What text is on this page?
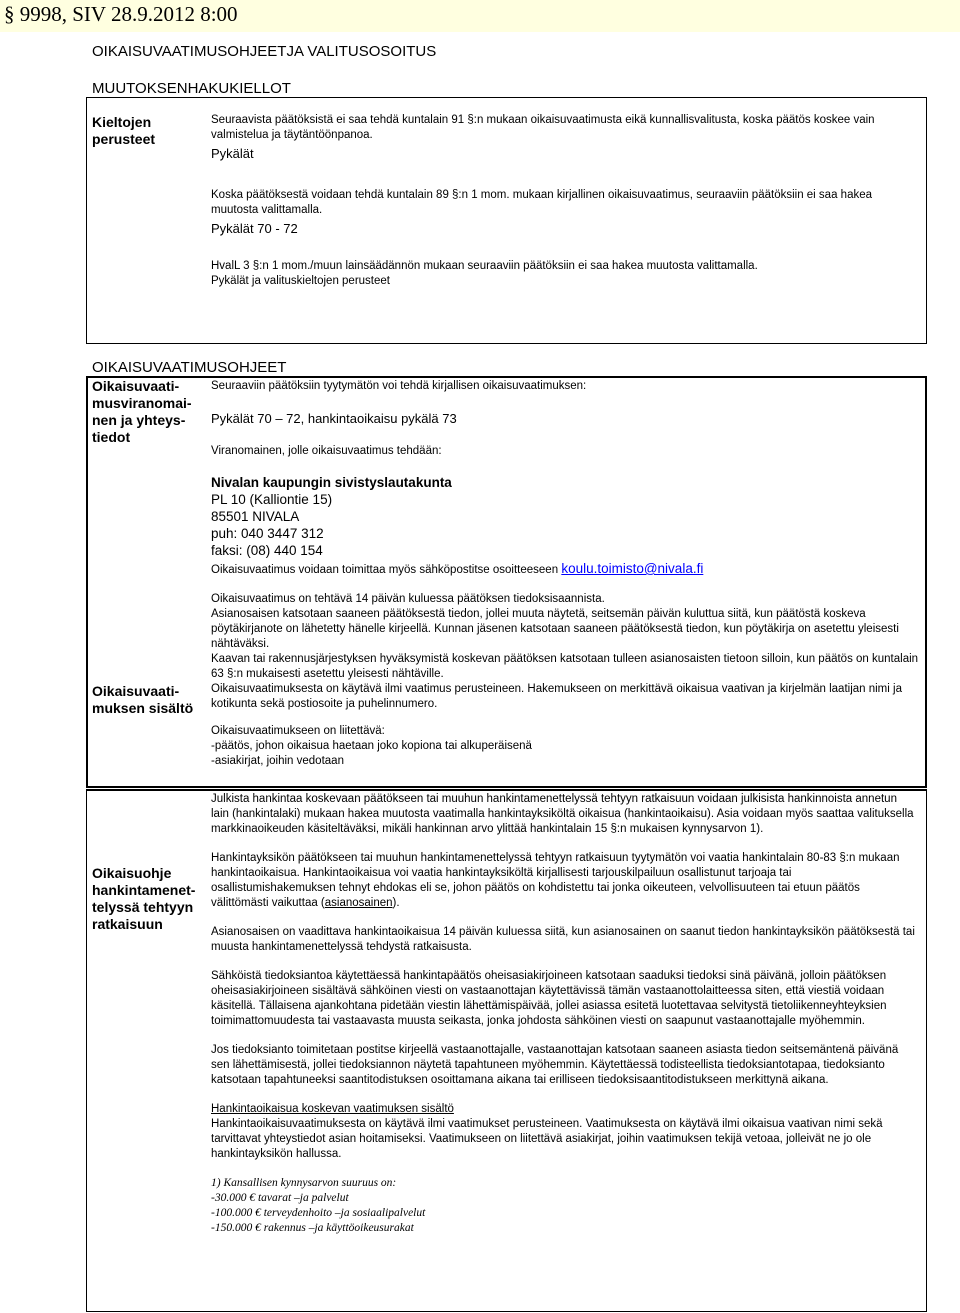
§ 9998, SIV 28.9.2012 8:00
OIKAISUVAATIMUSOHJEETJA VALITUSOSOITUS
MUUTOKSENHAKUKIELLOT
Kieltojen
perusteet

Seuraavista päätöksistä ei saa tehdä kuntalain 91 §:n mukaan oikaisuvaatimusta eikä kunnallisvalitusta, koska päätös koskee vain valmistelua ja täytäntöönpanoa.

Pykälät

Koska päätöksestä voidaan tehdä kuntalain 89 §:n 1 mom. mukaan kirjallinen oikaisuvaatimus, seuraaviin päätöksiin ei saa hakea muutosta valittamalla.

Pykälät 70 - 72

HvalL 3 §:n 1 mom./muun lainsäädännön mukaan seuraaviin päätöksiin ei saa hakea muutosta valittamalla.

Pykälät ja valituskieltojen perusteet

OIKAISUVAATIMUSOHJEET
Oikaisuvaati-
musviranomai-
nen ja yhteys-
tiedot
Seuraaviin päätöksiin tyytymätön voi tehdä kirjallisen oikaisuvaatimuksen:
Pykälät 70 – 72, hankintaoikaisu pykälä 73
Viranomainen, jolle oikaisuvaatimus tehdään:
Nivalan kaupungin sivistyslautakunta
PL 10 (Kalliontie 15)
85501 NIVALA
puh: 040 3447 312
faksi: (08) 440 154
Oikaisuvaatimus voidaan toimittaa myös sähköpostitse osoitteeseen koulu.toimisto@nivala.fi
Oikaisuvaati-
muksen sisältö

Oikaisuvaatimus on tehtävä 14 päivän kuluessa päätöksen tiedoksisaannista.

Asianosaisen katsotaan saaneen päätöksestä tiedon, jollei muuta näytetä, seitsemän päivän kuluttua siitä, kun päätöstä koskeva pöytäkirjanote on lähetetty hänelle kirjeellä. Kunnan jäsenen katsotaan saaneen päätöksestä tiedon, kun pöytäkirja on asetettu yleisesti nähtäväksi.

Kaavan tai rakennusjärjestyksen hyväksymistä koskevan päätöksen katsotaan tulleen asianosaisten tietoon silloin, kun päätös on kuntalain 63 §:n mukaisesti asetettu yleisesti nähtäville.

Oikaisuvaatimuksesta on käytävä ilmi vaatimus perusteineen. Hakemukseen on merkittävä oikaisua vaativan ja kirjelmän laatijan nimi ja kotikunta sekä postiosoite ja puhelinnumero.

Oikaisuvaatimukseen on liitettävä:
-päätös, johon oikaisua haetaan joko kopiona tai alkuperäisenä
-asiakirjat, joihin vedotaan
Oikaisuohje
hankintamenet-
telyssä tehtyyn
ratkaisuun

Julkista hankintaa koskevaan päätökseen tai muuhun hankintamenettelyssä tehtyyn ratkaisuun voidaan julkisista hankinnoista annetun lain (hankintalaki) mukaan hakea muutosta vaatimalla hankintayksiköltä oikaisua (hankintaoikaisu). Asia voidaan myös saattaa valituksella markkinaoikeuden käsiteltäväksi, mikäli hankinnan arvo ylittää hankintalain 15 §:n mukaisen kynnysarvon 1).

Hankintayksikön päätökseen tai muuhun hankintamenettelyssä tehtyyn ratkaisuun tyytymätön voi vaatia hankintalain 80-83 §:n mukaan hankintaoikaisua. Hankintaoikaisua voi vaatia hankintayksiköltä kirjallisesti tarjouskilpailuun osallistunut tarjoaja tai osallistumishakemuksen tehnyt ehdokas eli se, johon päätös on kohdistettu tai jonka oikeuteen, velvollisuuteen tai etuun päätös välittömästi vaikuttaa (asianosainen).

Asianosaisen on vaadittava hankintaoikaisua 14 päivän kuluessa siitä, kun asianosainen on saanut tiedon hankintayksikön päätöksestä tai muusta hankintamenettelyssä tehdystä ratkaisusta.

Sähköistä tiedoksiantoa käytettäessä hankintapäätös oheisasiakirjoineen katsotaan saaduksi tiedoksi sinä päivänä, jolloin päätöksen oheisasiakirjoineen sisältävä sähköinen viesti on vastaanottajan käytettävissä tämän vastaanottolaitteessa siten, että viestiä voidaan käsitellä. Tällaisena ajankohtana pidetään viestin lähettämispäivää, jollei asiassa esitetä luotettavaa selvitystä tietoliikenneyhteyksien toimimattomuudesta tai vastaavasta muusta seikasta, jonka johdosta sähköinen viesti on saapunut vastaanottajalle myöhemmin.

Jos tiedoksianto toimitetaan postitse kirjeellä vastaanottajalle, vastaanottajan katsotaan saaneen asiasta tiedon seitsemäntenä päivänä sen lähettämisestä, jollei tiedoksiannon näytetä tapahtuneen myöhemmin. Käytettäessä todisteellista tiedoksiantotapaa, tiedoksianto katsotaan tapahtuneeksi saantitodistuksen osoittamana aikana tai erilliseen tiedoksisaantitodistukseen merkittynä aikana.

Hankintaoikaisua koskevan vaatimuksen sisältö

Hankintaoikaisuvaatimuksesta on käytävä ilmi vaatimukset perusteineen. Vaatimuksesta on käytävä ilmi oikaisua vaativan nimi sekä tarvittavat yhteystiedot asian hoitamiseksi. Vaatimukseen on liitettävä asiakirjat, joihin vaatimuksen tekijä vetoaa, jolleivät ne jo ole hankintayksikön hallussa.

1) Kansallisen kynnysarvon suuruus on:
-30.000 € tavarat –ja palvelut
-100.000 € terveydenhoito –ja sosiaalipalvelut
-150.000 € rakennus –ja käyttöoikeusurakat
